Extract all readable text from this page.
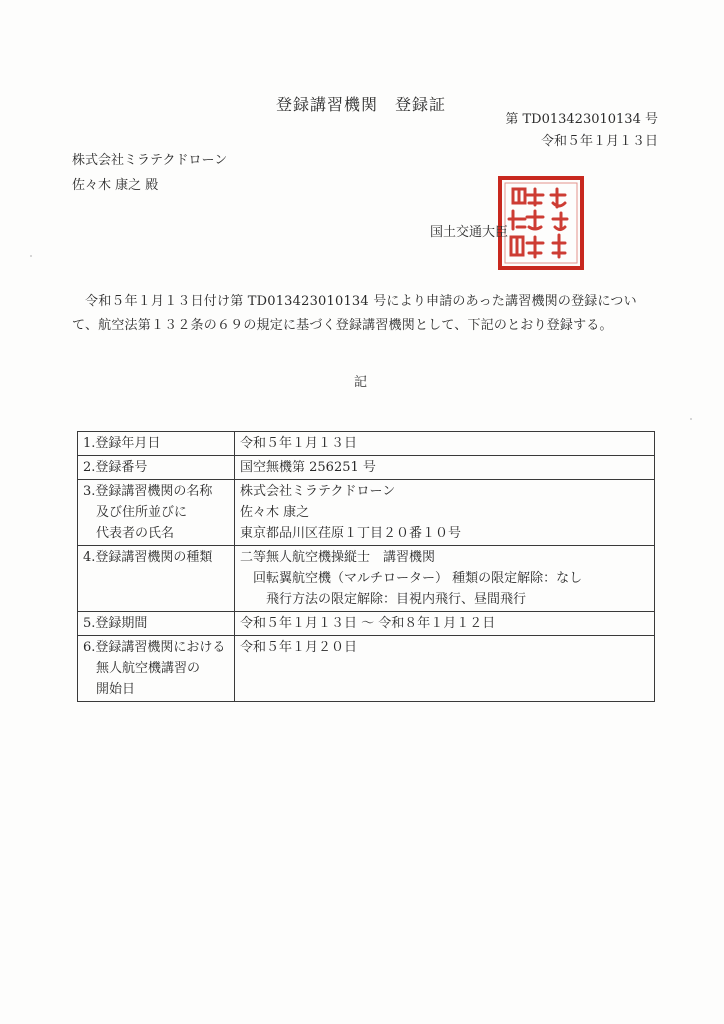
登録講習機関　登録証
第 TD013423010134 号
令和５年１月１３日
株式会社ミラテクドローン
佐々木 康之 殿
国土交通大臣
令和５年１月１３日付け第 TD013423010134 号により申請のあった講習機関の登録について、航空法第１３２条の６９の規定に基づく登録講習機関として、下記のとおり登録する。
記
1.登録年月日	令和５年１月１３日
2.登録番号	国空無機第 256251 号
3.登録講習機関の名称
　及び住所並びに
　代表者の氏名	株式会社ミラテクドローン
佐々木 康之
東京都品川区荏原１丁目２０番１０号

4.登録講習機関の種類	二等無人航空機操縦士　講習機関
　回転翼航空機（マルチローター） 種類の限定解除：なし
　　飛行方法の限定解除：目視内飛行、昼間飛行
5.登録期間	令和５年１月１３日 ～ 令和８年１月１２日
6.登録講習機関における
　無人航空機講習の
　開始日	令和５年１月２０日
